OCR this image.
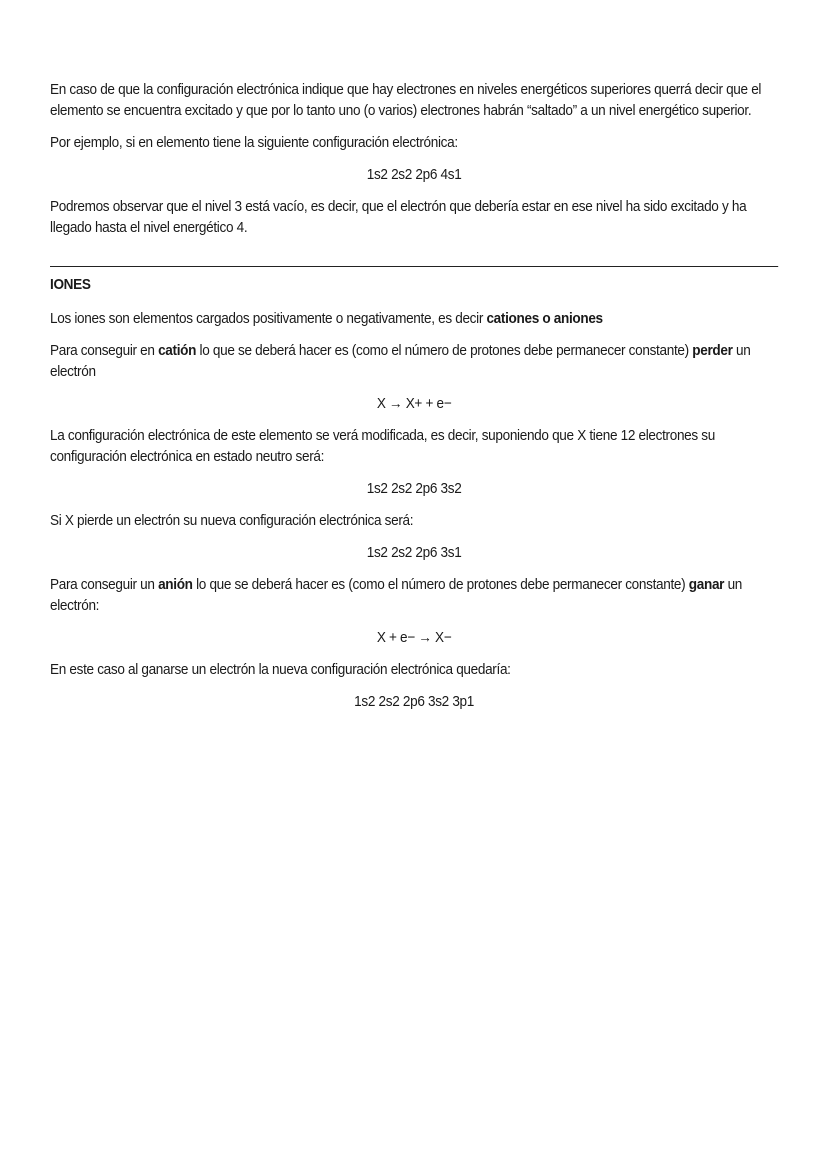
En caso de que la configuración electrónica indique que hay electrones en niveles energéticos superiores querrá decir que el elemento se encuentra excitado y que por lo tanto uno (o varios) electrones habrán “saltado” a un nivel energético superior.

Por ejemplo, si en elemento tiene la siguiente configuración electrónica:

1s2 2s2 2p6 4s1

Podremos observar que el nivel 3 está vacío, es decir, que el electrón que debería estar en ese nivel ha sido excitado y ha llegado hasta el nivel energético 4.

IONES

Los iones son elementos cargados positivamente o negativamente, es decir cationes o aniones

Para conseguir en catión lo que se deberá hacer es (como el número de protones debe permanecer constante) perder un electrón

X → X+ + e−

La configuración electrónica de este elemento se verá modificada, es decir, suponiendo que X tiene 12 electrones su configuración electrónica en estado neutro será:

1s2 2s2 2p6 3s2

Si X pierde un electrón su nueva configuración electrónica será:

1s2 2s2 2p6 3s1

Para conseguir un anión lo que se deberá hacer es (como el número de protones debe permanecer constante) ganar un electrón:

X + e− → X−

En este caso al ganarse un electrón la nueva configuración electrónica quedaría:

1s2 2s2 2p6 3s2 3p1
